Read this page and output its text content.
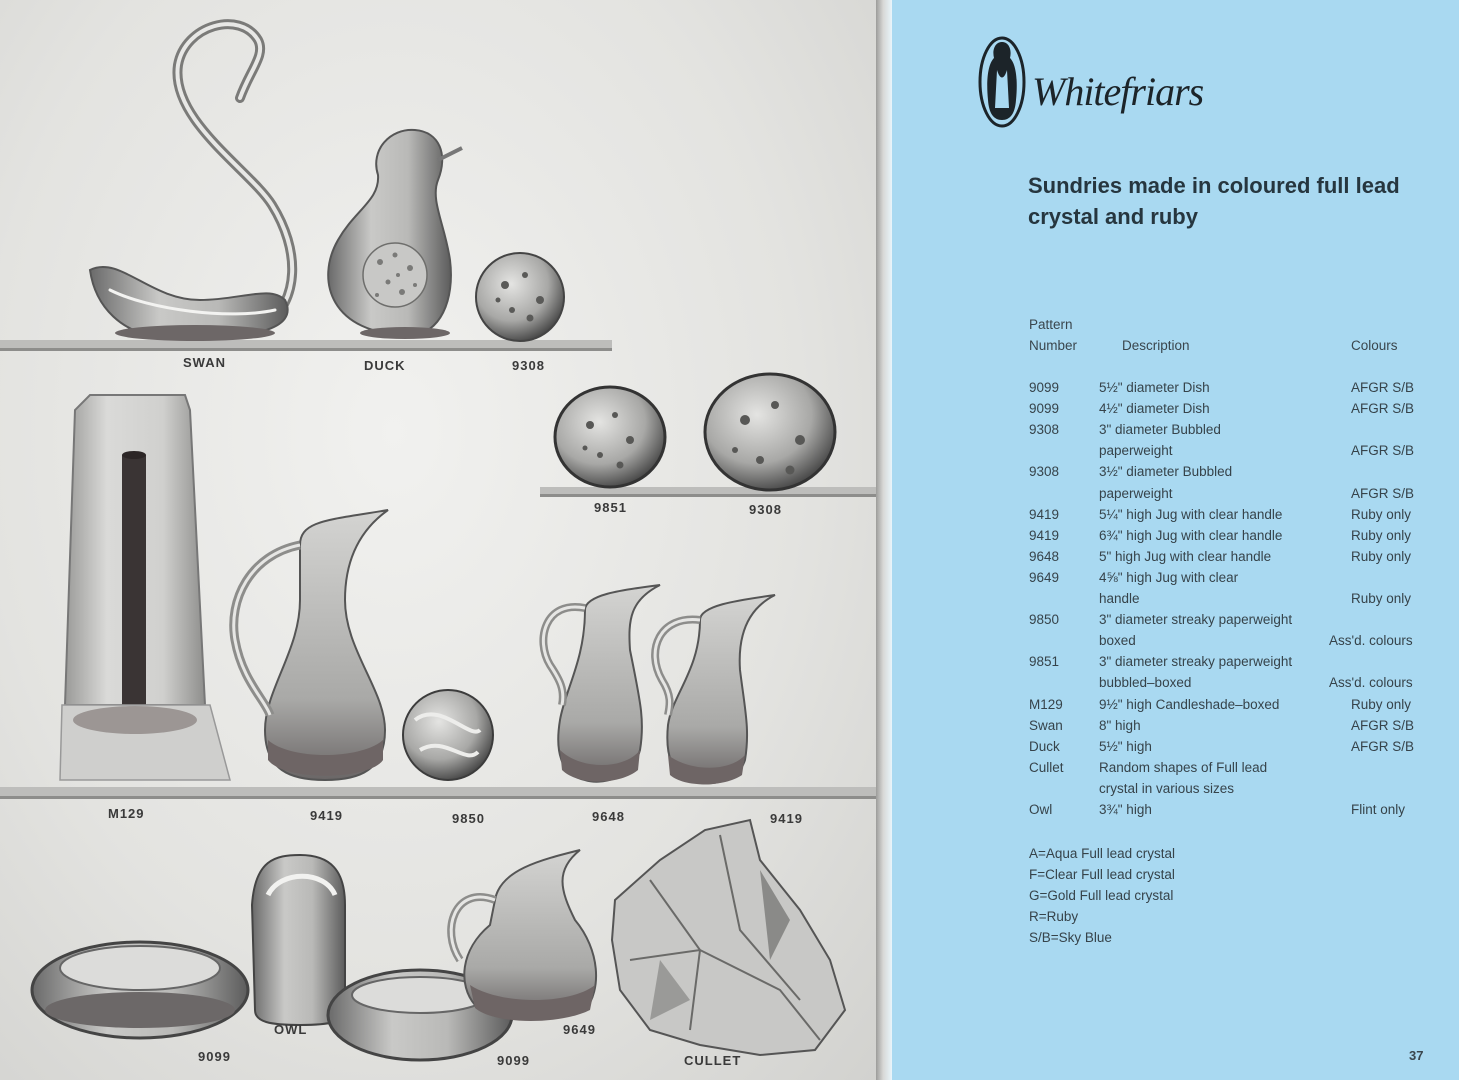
SWAN	DUCK	9308
9851	9308
M129	9419	9850	9648	9419
OWL
9099	9099
9649
CULLET
Whitefriars
Sundries made in coloured full lead crystal and ruby
Pattern
Number	Description	Colours
9099	5½" diameter Dish	AFGR S/B
9099	4½" diameter Dish	AFGR S/B
9308	3" diameter Bubbled
paperweight	AFGR S/B
9308	3½" diameter Bubbled
paperweight	AFGR S/B
9419	5¼" high Jug with clear handle	Ruby only
9419	6¾" high Jug with clear handle	Ruby only
9648	5" high Jug with clear handle	Ruby only
9649	4⅝" high Jug with clear
handle	Ruby only
9850	3" diameter streaky paperweight
boxed	Ass'd. colours
9851	3" diameter streaky paperweight
bubbled–boxed	Ass'd. colours
M129	9½" high Candleshade–boxed	Ruby only
Swan	8" high	AFGR S/B
Duck	5½" high	AFGR S/B
Cullet	Random shapes of Full lead
crystal in various sizes
Owl	3¾" high	Flint only
A=Aqua Full lead crystal
F=Clear Full lead crystal
G=Gold Full lead crystal
R=Ruby
S/B=Sky Blue
37
